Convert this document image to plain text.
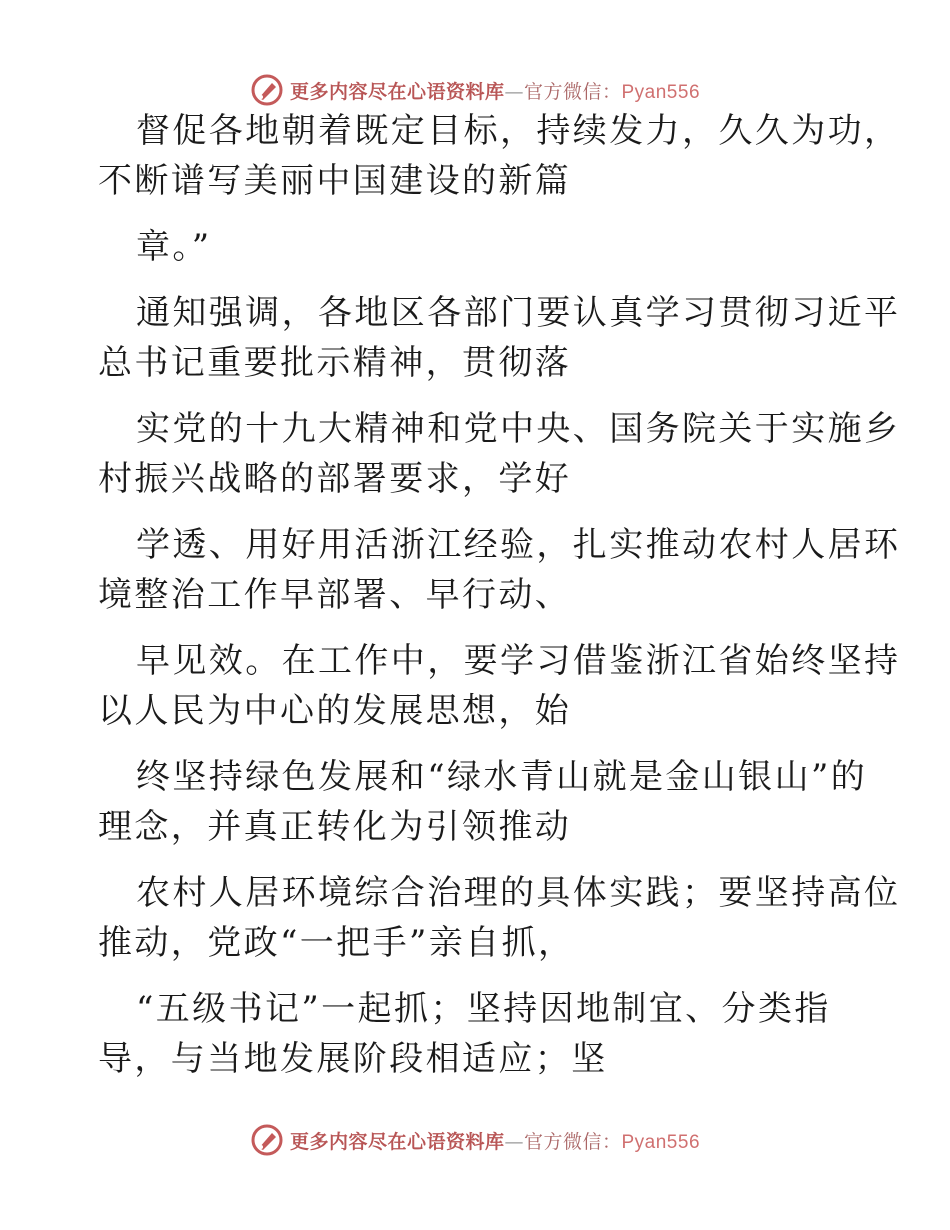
更多内容尽在心语资料库—官方微信：Pyan556
督促各地朝着既定目标，持续发力，久久为功，
不断谱写美丽中国建设的新篇
章。”
通知强调，各地区各部门要认真学习贯彻习近平
总书记重要批示精神，贯彻落
实党的十九大精神和党中央、国务院关于实施乡
村振兴战略的部署要求，学好
学透、用好用活浙江经验，扎实推动农村人居环
境整治工作早部署、早行动、
早见效。在工作中，要学习借鉴浙江省始终坚持
以人民为中心的发展思想，始
终坚持绿色发展和“绿水青山就是金山银山”的
理念，并真正转化为引领推动
农村人居环境综合治理的具体实践；要坚持高位
推动，党政“一把手”亲自抓，
“五级书记”一起抓；坚持因地制宜、分类指
导，与当地发展阶段相适应；坚
更多内容尽在心语资料库—官方微信：Pyan556
